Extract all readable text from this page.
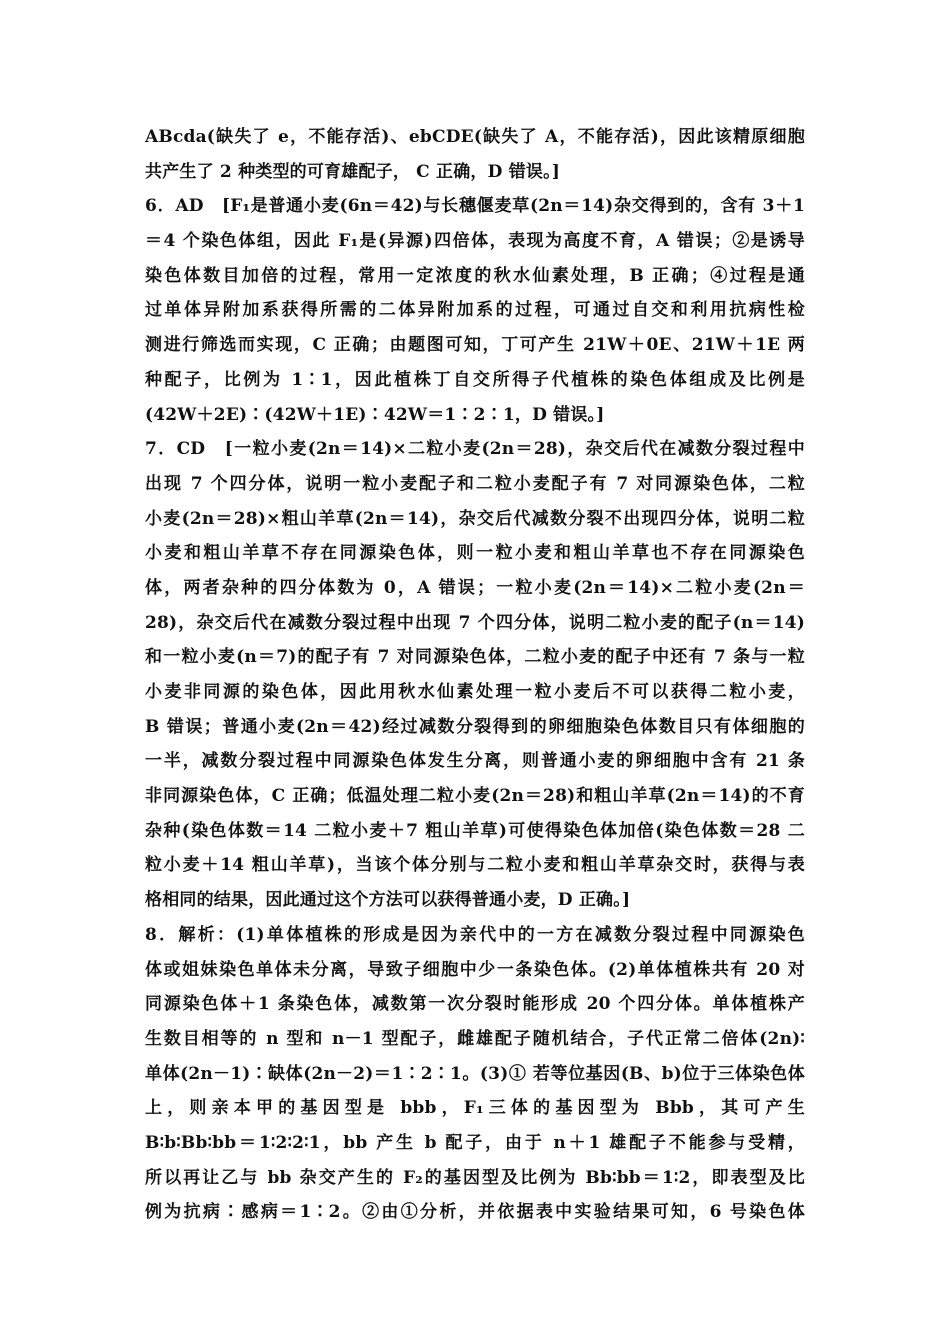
ABcda(缺失了 e，不能存活)、ebCDE(缺失了 A，不能存活)，因此该精原细胞
共产生了 2 种类型的可育雄配子， C 正确，D 错误。]
6．AD　[F₁是普通小麦(6n＝42)与长穗偃麦草(2n＝14)杂交得到的，含有 3＋1
＝4 个染色体组，因此 F₁是(异源)四倍体，表现为高度不育，A 错误；②是诱导
染色体数目加倍的过程，常用一定浓度的秋水仙素处理，B 正确；④过程是通
过单体异附加系获得所需的二体异附加系的过程，可通过自交和利用抗病性检
测进行筛选而实现，C 正确；由题图可知，丁可产生 21W＋0E、21W＋1E 两
种配子，比例为 1∶1，因此植株丁自交所得子代植株的染色体组成及比例是
(42W＋2E)∶(42W＋1E)∶42W＝1∶2∶1，D 错误。]
7．CD　[一粒小麦(2n＝14)×二粒小麦(2n＝28)，杂交后代在减数分裂过程中
出现 7 个四分体，说明一粒小麦配子和二粒小麦配子有 7 对同源染色体，二粒
小麦(2n＝28)×粗山羊草(2n＝14)，杂交后代减数分裂不出现四分体，说明二粒
小麦和粗山羊草不存在同源染色体，则一粒小麦和粗山羊草也不存在同源染色
体，两者杂种的四分体数为 0，A 错误；一粒小麦(2n＝14)×二粒小麦(2n＝
28)，杂交后代在减数分裂过程中出现 7 个四分体，说明二粒小麦的配子(n＝14)
和一粒小麦(n＝7)的配子有 7 对同源染色体，二粒小麦的配子中还有 7 条与一粒
小麦非同源的染色体，因此用秋水仙素处理一粒小麦后不可以获得二粒小麦，
B 错误；普通小麦(2n＝42)经过减数分裂得到的卵细胞染色体数目只有体细胞的
一半，减数分裂过程中同源染色体发生分离，则普通小麦的卵细胞中含有 21 条
非同源染色体，C 正确；低温处理二粒小麦(2n＝28)和粗山羊草(2n＝14)的不育
杂种(染色体数＝14 二粒小麦＋7 粗山羊草)可使得染色体加倍(染色体数＝28 二
粒小麦＋14 粗山羊草)，当该个体分别与二粒小麦和粗山羊草杂交时，获得与表
格相同的结果，因此通过这个方法可以获得普通小麦，D 正确。]
8．解析：(1)单体植株的形成是因为亲代中的一方在减数分裂过程中同源染色
体或姐妹染色单体未分离，导致子细胞中少一条染色体。(2)单体植株共有 20 对
同源染色体＋1 条染色体，减数第一次分裂时能形成 20 个四分体。单体植株产
生数目相等的 n 型和 n－1 型配子，雌雄配子随机结合，子代正常二倍体(2n)∶
单体(2n－1)∶缺体(2n－2)＝1∶2∶1。(3)① 若等位基因(B、b)位于三体染色体
上，则亲本甲的基因型是 bbb，F₁三体的基因型为 Bbb，其可产生
B∶b∶Bb∶bb＝1∶2∶2∶1，bb 产生 b 配子，由于 n＋1 雄配子不能参与受精，
所以再让乙与 bb 杂交产生的 F₂的基因型及比例为 Bb∶bb＝1∶2，即表型及比
例为抗病∶感病＝1∶2。②由①分析，并依据表中实验结果可知，6 号染色体
